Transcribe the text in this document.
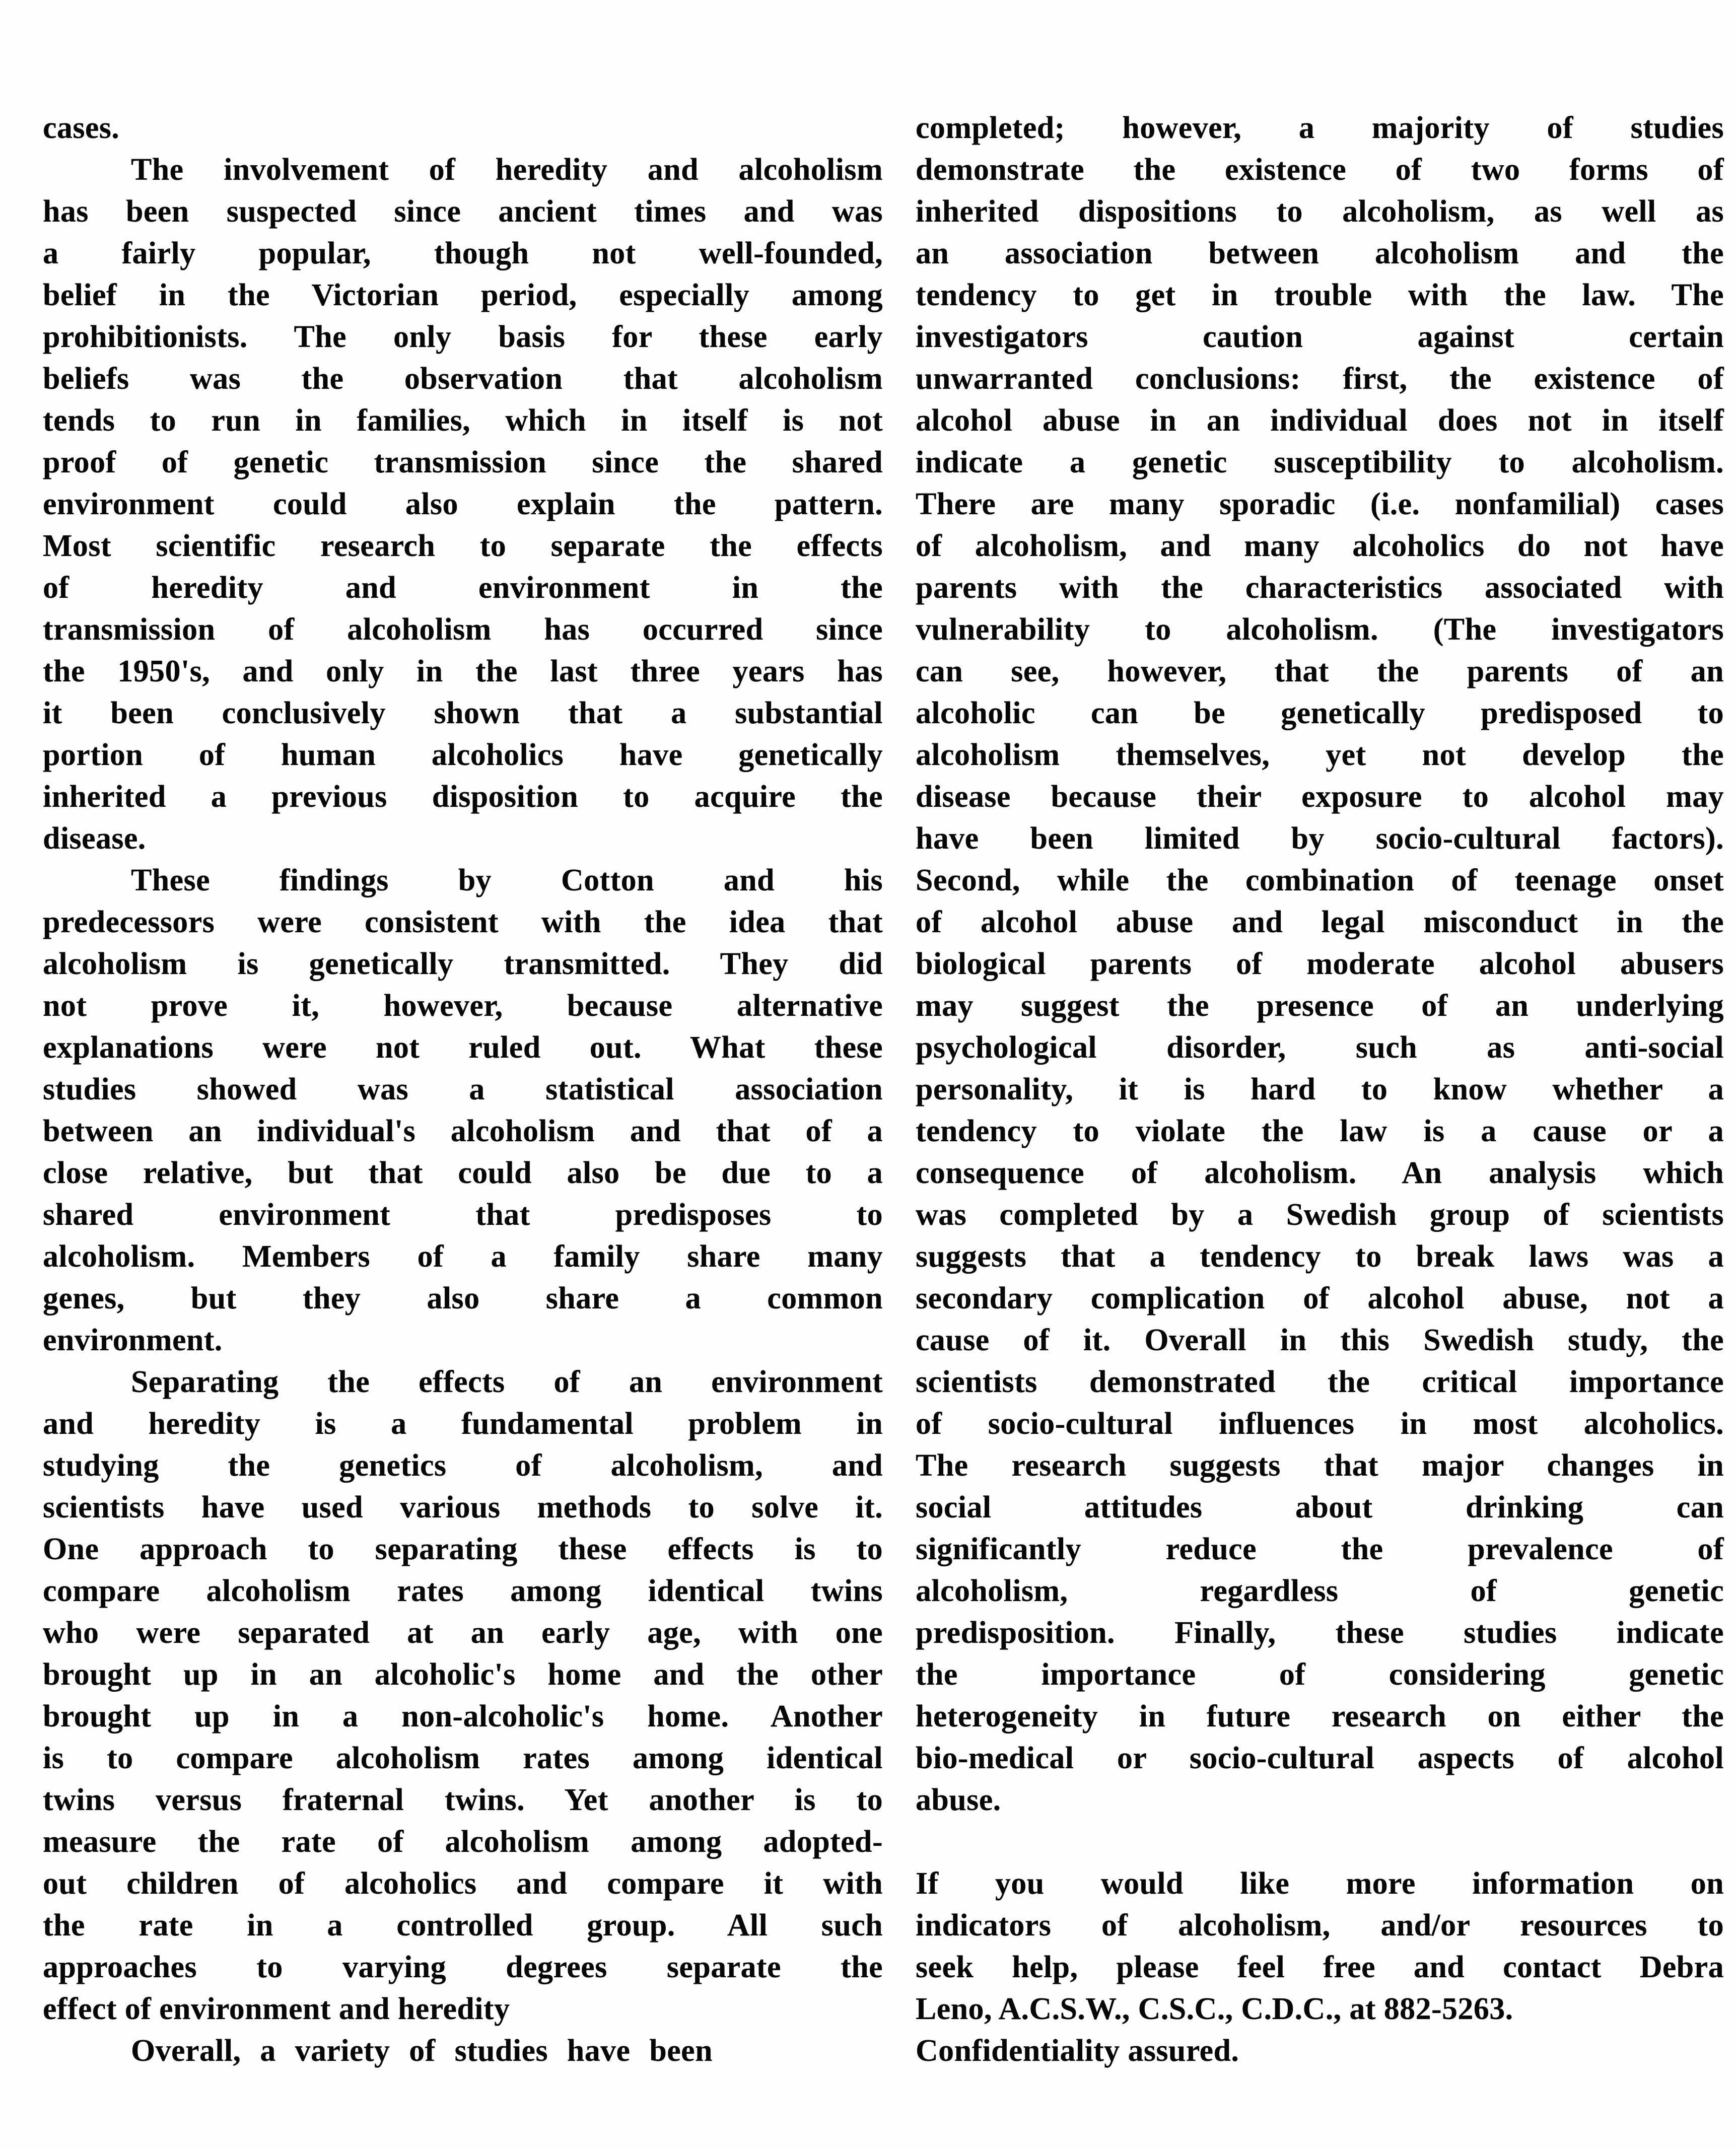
cases.
The involvement of heredity and alcoholism
has been suspected since ancient times and was
a fairly popular, though not well-founded,
belief in the Victorian period, especially among
prohibitionists. The only basis for these early
beliefs was the observation that alcoholism
tends to run in families, which in itself is not
proof of genetic transmission since the shared
environment could also explain the pattern.
Most scientific research to separate the effects
of heredity and environment in the
transmission of alcoholism has occurred since
the 1950's, and only in the last three years has
it been conclusively shown that a substantial
portion of human alcoholics have genetically
inherited a previous disposition to acquire the
disease.
These findings by Cotton and his
predecessors were consistent with the idea that
alcoholism is genetically transmitted. They did
not prove it, however, because alternative
explanations were not ruled out. What these
studies showed was a statistical association
between an individual's alcoholism and that of a
close relative, but that could also be due to a
shared environment that predisposes to
alcoholism. Members of a family share many
genes, but they also share a common
environment.
Separating the effects of an environment
and heredity is a fundamental problem in
studying the genetics of alcoholism, and
scientists have used various methods to solve it.
One approach to separating these effects is to
compare alcoholism rates among identical twins
who were separated at an early age, with one
brought up in an alcoholic's home and the other
brought up in a non-alcoholic's home. Another
is to compare alcoholism rates among identical
twins versus fraternal twins. Yet another is to
measure the rate of alcoholism among adopted-
out children of alcoholics and compare it with
the rate in a controlled group. All such
approaches to varying degrees separate the
effect of environment and heredity
Overall, a variety of studies have been
completed; however, a majority of studies
demonstrate the existence of two forms of
inherited dispositions to alcoholism, as well as
an association between alcoholism and the
tendency to get in trouble with the law. The
investigators caution against certain
unwarranted conclusions: first, the existence of
alcohol abuse in an individual does not in itself
indicate a genetic susceptibility to alcoholism.
There are many sporadic (i.e. nonfamilial) cases
of alcoholism, and many alcoholics do not have
parents with the characteristics associated with
vulnerability to alcoholism. (The investigators
can see, however, that the parents of an
alcoholic can be genetically predisposed to
alcoholism themselves, yet not develop the
disease because their exposure to alcohol may
have been limited by socio-cultural factors).
Second, while the combination of teenage onset
of alcohol abuse and legal misconduct in the
biological parents of moderate alcohol abusers
may suggest the presence of an underlying
psychological disorder, such as anti-social
personality, it is hard to know whether a
tendency to violate the law is a cause or a
consequence of alcoholism. An analysis which
was completed by a Swedish group of scientists
suggests that a tendency to break laws was a
secondary complication of alcohol abuse, not a
cause of it. Overall in this Swedish study, the
scientists demonstrated the critical importance
of socio-cultural influences in most alcoholics.
The research suggests that major changes in
social attitudes about drinking can
significantly reduce the prevalence of
alcoholism, regardless of genetic
predisposition. Finally, these studies indicate
the importance of considering genetic
heterogeneity in future research on either the
bio-medical or socio-cultural aspects of alcohol
abuse.
If you would like more information on
indicators of alcoholism, and/or resources to
seek help, please feel free and contact Debra
Leno, A.C.S.W., C.S.C., C.D.C., at 882-5263.
Confidentiality assured.
